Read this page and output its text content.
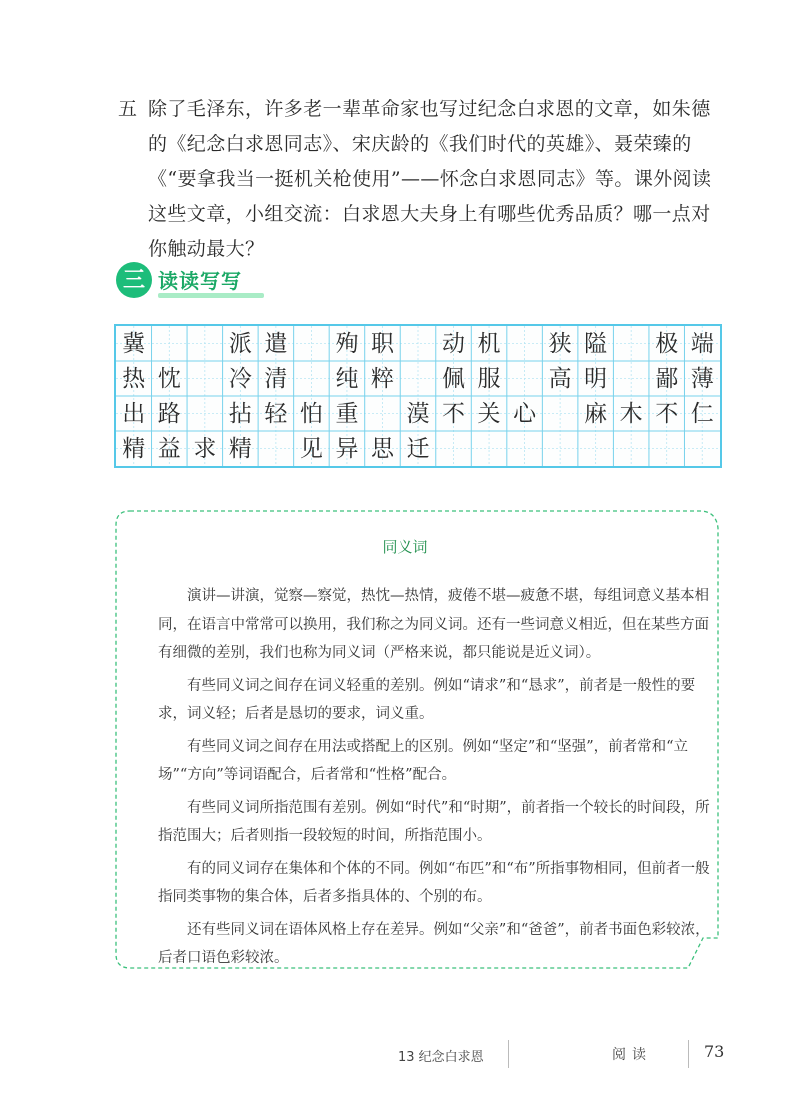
五 除了毛泽东，许多老一辈革命家也写过纪念白求恩的文章，如朱德的《纪念白求恩同志》、宋庆龄的《我们时代的英雄》、聂荣臻的《“要拿我当一挺机关枪使用”——怀念白求恩同志》等。课外阅读这些文章，小组交流：白求恩大夫身上有哪些优秀品质？哪一点对你触动最大？
三 读读写写
冀	派 遣	殉 职	动 机	狭 隘	极 端
热 忱	冷 清	纯 粹	佩 服	高 明	鄙 薄
出 路	拈 轻 怕 重	漠 不 关 心	麻 木 不 仁
精 益 求 精	见 异 思 迁
同义词

演讲—讲演，觉察—察觉，热忱—热情，疲倦不堪—疲惫不堪，每组词意义基本相同，在语言中常常可以换用，我们称之为同义词。还有一些词意义相近，但在某些方面有细微的差别，我们也称为同义词（严格来说，都只能说是近义词）。

有些同义词之间存在词义轻重的差别。例如“请求”和“恳求”，前者是一般性的要求，词义轻；后者是恳切的要求，词义重。

有些同义词之间存在用法或搭配上的区别。例如“坚定”和“坚强”，前者常和“立场”“方向”等词语配合，后者常和“性格”配合。

有些同义词所指范围有差别。例如“时代”和“时期”，前者指一个较长的时间段，所指范围大；后者则指一段较短的时间，所指范围小。

有的同义词存在集体和个体的不同。例如“布匹”和“布”所指事物相同，但前者一般指同类事物的集合体，后者多指具体的、个别的布。

还有些同义词在语体风格上存在差异。例如“父亲”和“爸爸”，前者书面色彩较浓，后者口语色彩较浓。

13 纪念白求恩	阅读	73
